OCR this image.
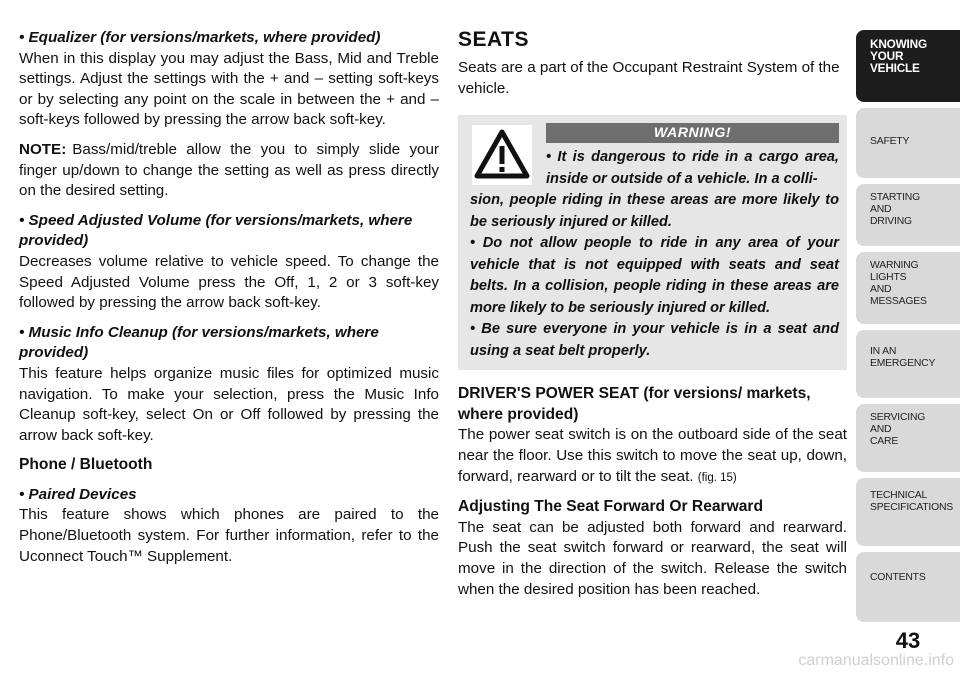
• Equalizer (for versions/markets, where provided)

When in this display you may adjust the Bass, Mid and Treble settings. Adjust the settings with the + and – setting soft-keys or by selecting any point on the scale in between the + and – soft-keys followed by pressing the arrow back soft-key.

NOTE: Bass/mid/treble allow the you to simply slide your finger up/down to change the setting as well as press directly on the desired setting.

• Speed Adjusted Volume (for versions/markets, where provided)

Decreases volume relative to vehicle speed. To change the Speed Adjusted Volume press the Off, 1, 2 or 3 soft-key followed by pressing the arrow back soft-key.

• Music Info Cleanup (for versions/markets, where provided)

This feature helps organize music files for optimized music navigation. To make your selection, press the Music Info Cleanup soft-key, select On or Off followed by pressing the arrow back soft-key.

Phone / Bluetooth

• Paired Devices

This feature shows which phones are paired to the Phone/Bluetooth system. For further information, refer to the Uconnect Touch™ Supplement.

SEATS

Seats are a part of the Occupant Restraint System of the vehicle.

WARNING!
• It is dangerous to ride in a cargo area, inside or outside of a vehicle. In a colli-
sion, people riding in these areas are more likely to be seriously injured or killed.
• Do not allow people to ride in any area of your vehicle that is not equipped with seats and seat belts. In a collision, people riding in these areas are more likely to be seriously injured or killed.
• Be sure everyone in your vehicle is in a seat and using a seat belt properly.

DRIVER'S POWER SEAT (for versions/ markets, where provided)

The power seat switch is on the outboard side of the seat near the floor. Use this switch to move the seat up, down, forward, rearward or to tilt the seat. (fig. 15)

Adjusting The Seat Forward Or Rearward

The seat can be adjusted both forward and rearward. Push the seat switch forward or rearward, the seat will move in the direction of the switch. Release the switch when the desired position has been reached.

KNOWING
YOUR
VEHICLE
SAFETY
STARTING
AND
DRIVING
WARNING
LIGHTS
AND
MESSAGES
IN AN
EMERGENCY
SERVICING
AND
CARE
TECHNICAL
SPECIFICATIONS
CONTENTS
43
carmanualsonline.info
